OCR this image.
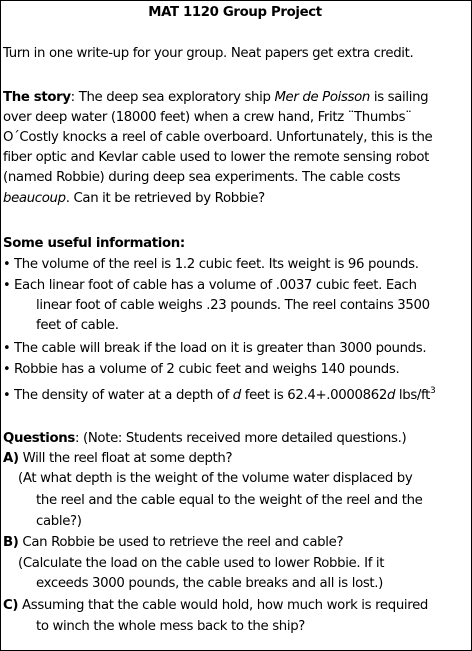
MAT 1120 Group Project
Turn in one write-up for your group. Neat papers get extra credit.
The story: The deep sea exploratory ship Mer de Poisson is sailing
over deep water (18000 feet) when a crew hand, Fritz ¨Thumbs¨
O´Costly knocks a reel of cable overboard. Unfortunately, this is the
fiber optic and Kevlar cable used to lower the remote sensing robot
(named Robbie) during deep sea experiments. The cable costs
beaucoup. Can it be retrieved by Robbie?
Some useful information:
• The volume of the reel is 1.2 cubic feet. Its weight is 96 pounds.
• Each linear foot of cable has a volume of .0037 cubic feet. Each
linear foot of cable weighs .23 pounds. The reel contains 3500
feet of cable.
• The cable will break if the load on it is greater than 3000 pounds.
• Robbie has a volume of 2 cubic feet and weighs 140 pounds.
• The density of water at a depth of d feet is 62.4+.0000862d lbs/$ft^3$
Questions: (Note: Students received more detailed questions.)
A) Will the reel float at some depth?
(At what depth is the weight of the volume water displaced by
the reel and the cable equal to the weight of the reel and the
cable?)
B) Can Robbie be used to retrieve the reel and cable?
(Calculate the load on the cable used to lower Robbie. If it
exceeds 3000 pounds, the cable breaks and all is lost.)
C) Assuming that the cable would hold, how much work is required
to winch the whole mess back to the ship?
